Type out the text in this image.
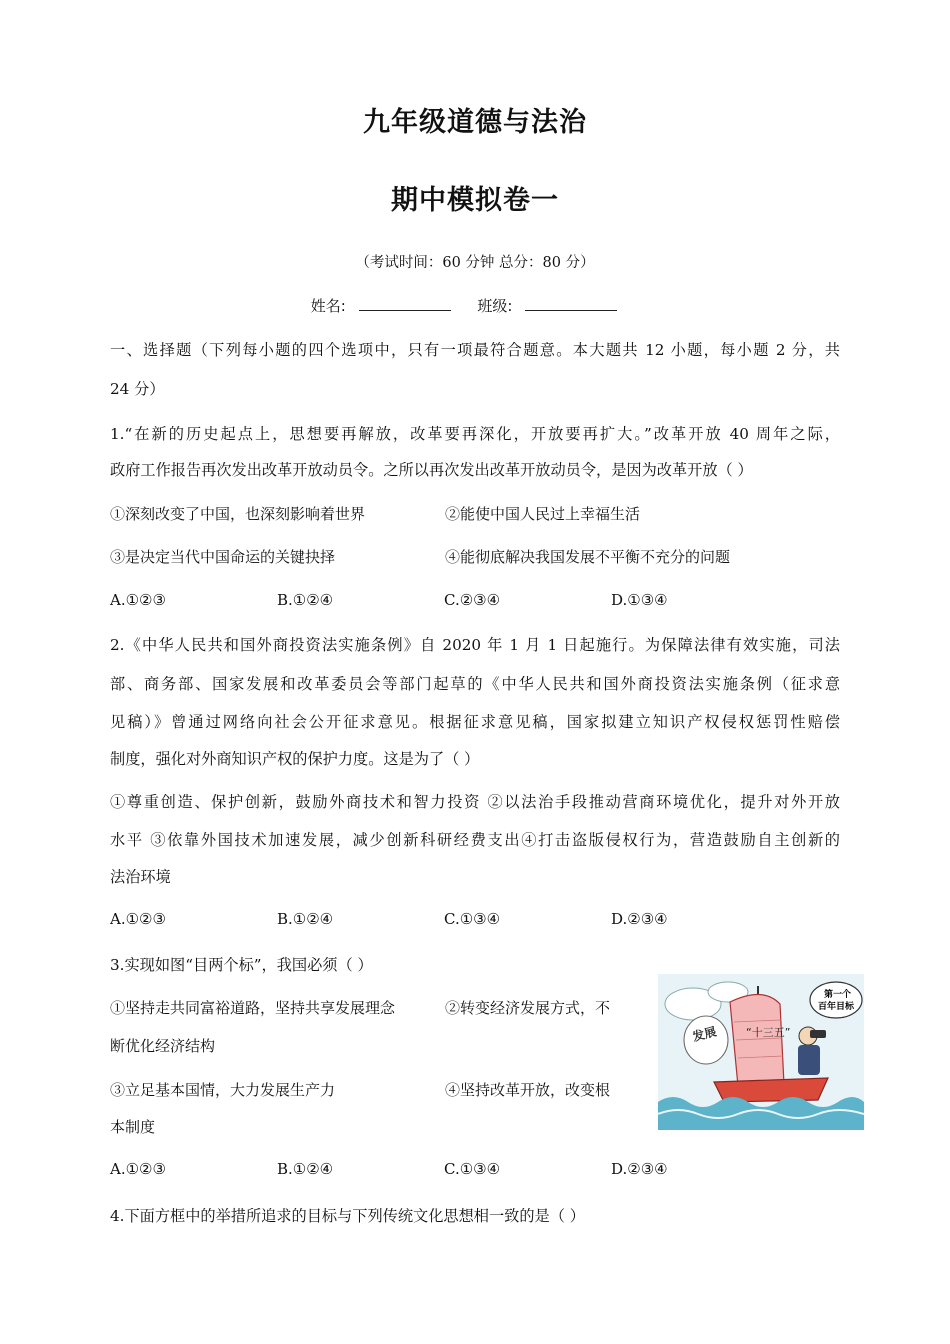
九年级道德与法治
期中模拟卷一
（考试时间：60 分钟 总分：80 分）
姓名:	班级:
一、选择题（下列每小题的四个选项中，只有一项最符合题意。本大题共 12 小题，每小题 2 分，共
24 分）
1.“在新的历史起点上，思想要再解放，改革要再深化，开放要再扩大。”改革开放 40 周年之际，
政府工作报告再次发出改革开放动员令。之所以再次发出改革开放动员令，是因为改革开放（ ）
①深刻改变了中国，也深刻影响着世界	②能使中国人民过上幸福生活
③是决定当代中国命运的关键抉择	④能彻底解决我国发展不平衡不充分的问题
A.①②③	B.①②④	C.②③④	D.①③④
2.《中华人民共和国外商投资法实施条例》自 2020 年 1 月 1 日起施行。为保障法律有效实施，司法
部、商务部、国家发展和改革委员会等部门起草的《中华人民共和国外商投资法实施条例（征求意
见稿）》曾通过网络向社会公开征求意见。根据征求意见稿，国家拟建立知识产权侵权惩罚性赔偿
制度，强化对外商知识产权的保护力度。这是为了（ ）
①尊重创造、保护创新，鼓励外商技术和智力投资 ②以法治手段推动营商环境优化，提升对外开放
水平 ③依靠外国技术加速发展，减少创新科研经费支出④打击盗版侵权行为，营造鼓励自主创新的
法治环境
A.①②③	B.①②④	C.①③④	D.②③④
3.实现如图“目两个标”，我国必须（ ）
①坚持走共同富裕道路，坚持共享发展理念	②转变经济发展方式，不
断优化经济结构
③立足基本国情，大力发展生产力	④坚持改革开放，改变根
本制度
A.①②③	B.①②④	C.①③④	D.②③④
“十三五”
发展
第一个
百年目标
4.下面方框中的举措所追求的目标与下列传统文化思想相一致的是（ ）
